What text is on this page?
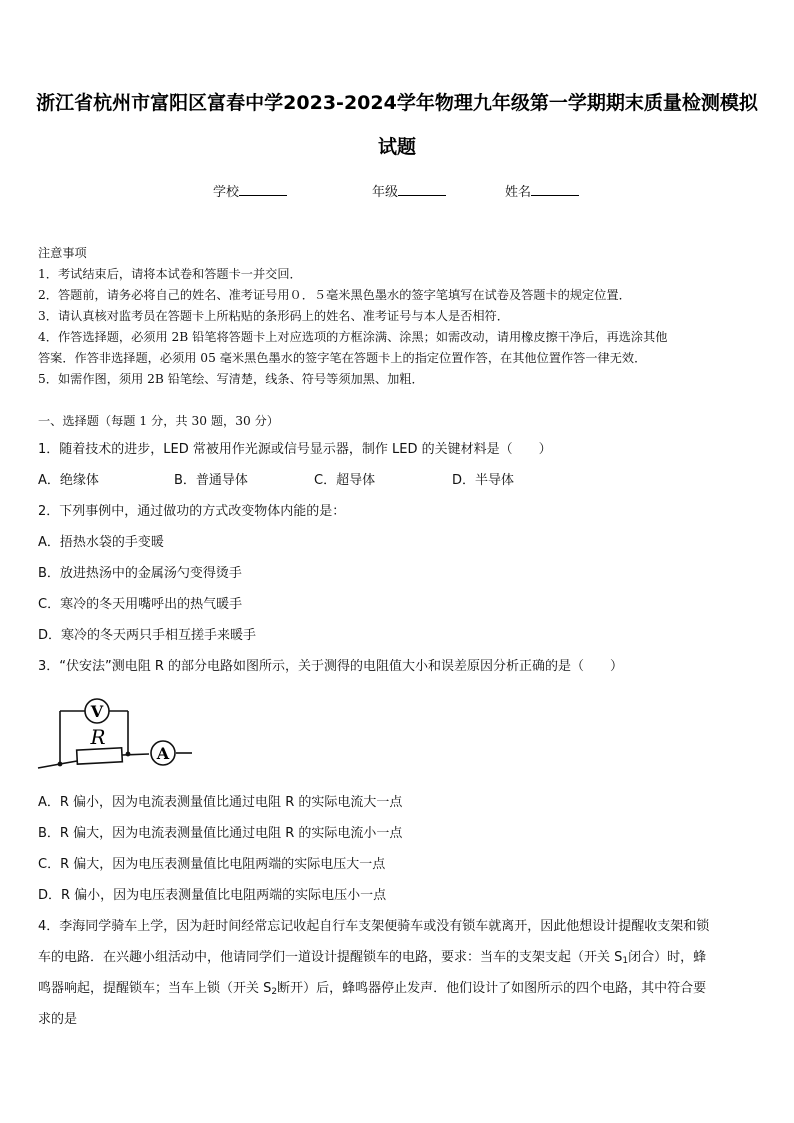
浙江省杭州市富阳区富春中学2023-2024学年物理九年级第一学期期末质量检测模拟
试题
学校	年级	姓名
注意事项
1．考试结束后，请将本试卷和答题卡一并交回．
2．答题前，请务必将自己的姓名、准考证号用０．５毫米黑色墨水的签字笔填写在试卷及答题卡的规定位置．
3．请认真核对监考员在答题卡上所粘贴的条形码上的姓名、准考证号与本人是否相符．
4．作答选择题，必须用 2B 铅笔将答题卡上对应选项的方框涂满、涂黑；如需改动，请用橡皮擦干净后，再选涂其他
答案．作答非选择题，必须用 05 毫米黑色墨水的签字笔在答题卡上的指定位置作答，在其他位置作答一律无效．
5．如需作图，须用 2B 铅笔绘、写清楚，线条、符号等须加黑、加粗．
一、选择题（每题 1 分，共 30 题，30 分）
1．随着技术的进步，LED 常被用作光源或信号显示器，制作 LED 的关键材料是（　　）
A．绝缘体	B．普通导体	C．超导体	D．半导体
2．下列事例中，通过做功的方式改变物体内能的是：
A．捂热水袋的手变暖
B．放进热汤中的金属汤勺变得烫手
C．寒冷的冬天用嘴呼出的热气暖手
D．寒冷的冬天两只手相互搓手来暖手
3．“伏安法”测电阻 R 的部分电路如图所示，关于测得的电阻值大小和误差原因分析正确的是（　　）
V
R
A
A．R 偏小，因为电流表测量值比通过电阻 R 的实际电流大一点
B．R 偏大，因为电流表测量值比通过电阻 R 的实际电流小一点
C．R 偏大，因为电压表测量值比电阻两端的实际电压大一点
D．R 偏小，因为电压表测量值比电阻两端的实际电压小一点
4．李海同学骑车上学，因为赶时间经常忘记收起自行车支架便骑车或没有锁车就离开，因此他想设计提醒收支架和锁
车的电路．在兴趣小组活动中，他请同学们一道设计提醒锁车的电路，要求：当车的支架支起（开关 $S_1$闭合）时，蜂
鸣器响起，提醒锁车；当车上锁（开关 $S_2$断开）后，蜂鸣器停止发声．他们设计了如图所示的四个电路，其中符合要
求的是
